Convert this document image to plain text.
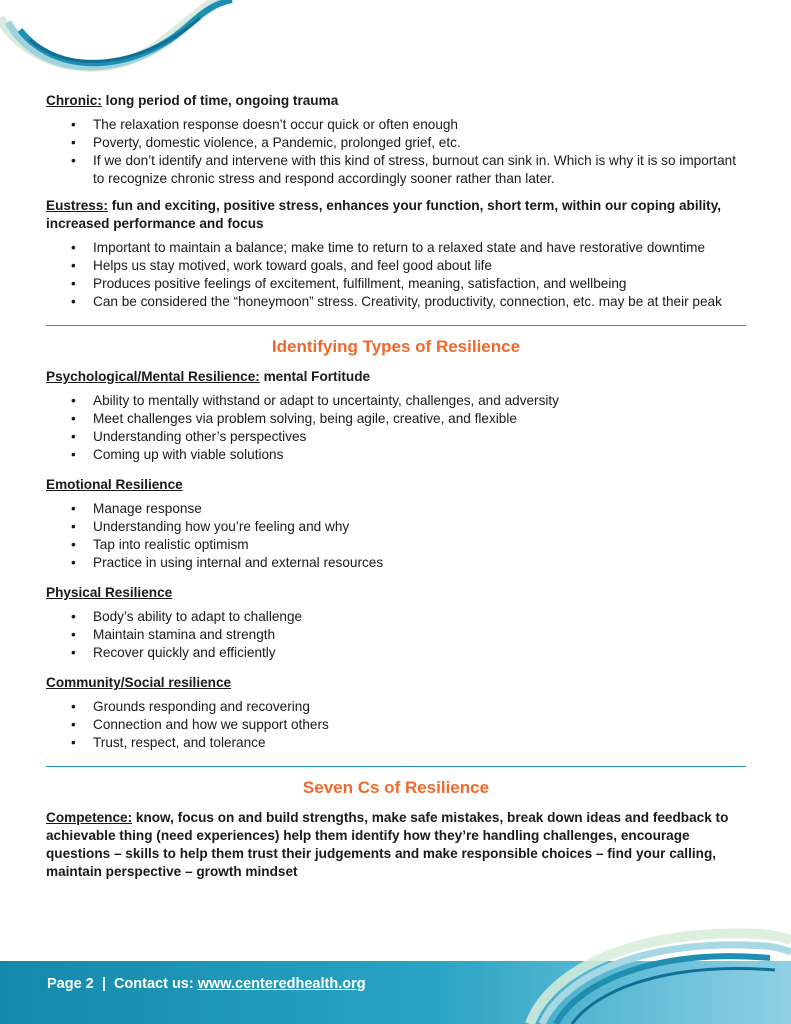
Chronic: long period of time, ongoing trauma

• The relaxation response doesn’t occur quick or often enough
• Poverty, domestic violence, a Pandemic, prolonged grief, etc.
• If we don’t identify and intervene with this kind of stress, burnout can sink in. Which is why it is so important to recognize chronic stress and respond accordingly sooner rather than later.

Eustress: fun and exciting, positive stress, enhances your function, short term, within our coping ability, increased performance and focus

• Important to maintain a balance; make time to return to a relaxed state and have restorative downtime
• Helps us stay motived, work toward goals, and feel good about life
• Produces positive feelings of excitement, fulfillment, meaning, satisfaction, and wellbeing
• Can be considered the “honeymoon” stress. Creativity, productivity, connection, etc. may be at their peak
Identifying Types of Resilience

Psychological/Mental Resilience: mental Fortitude

• Ability to mentally withstand or adapt to uncertainty, challenges, and adversity
• Meet challenges via problem solving, being agile, creative, and flexible
• Understanding other’s perspectives
• Coming up with viable solutions

Emotional Resilience

• Manage response
• Understanding how you’re feeling and why
• Tap into realistic optimism
• Practice in using internal and external resources

Physical Resilience

• Body’s ability to adapt to challenge
• Maintain stamina and strength
• Recover quickly and efficiently

Community/Social resilience

• Grounds responding and recovering
• Connection and how we support others
• Trust, respect, and tolerance
Seven Cs of Resilience

Competence: know, focus on and build strengths, make safe mistakes, break down ideas and feedback to achievable thing (need experiences) help them identify how they’re handling challenges, encourage questions – skills to help them trust their judgements and make responsible choices – find your calling, maintain perspective – growth mindset

Page 2 | Contact us: www.centeredhealth.org
